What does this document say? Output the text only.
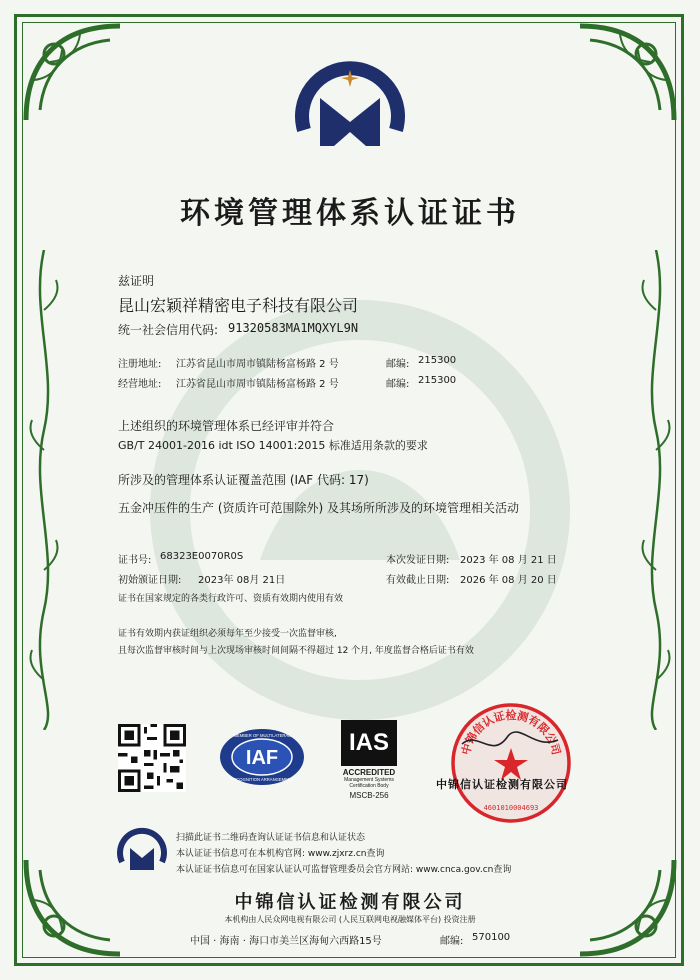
环境管理体系认证证书
兹证明
昆山宏颖祥精密电子科技有限公司
统一社会信用代码: 91320583MA1MQXYL9N
注册地址: 江苏省昆山市周市镇陆杨富杨路 2 号	邮编: 215300
经营地址: 江苏省昆山市周市镇陆杨富杨路 2 号	邮编: 215300
上述组织的环境管理体系已经评审并符合
GB/T 24001-2016 idt ISO 14001:2015 标准适用条款的要求
所涉及的管理体系认证覆盖范围 (IAF 代码: 17)
五金冲压件的生产 (资质许可范围除外) 及其场所所涉及的环境管理相关活动
证书号: 68323E0070R0S	本次发证日期: 2023 年 08 月 21 日
初始颁证日期: 2023年 08月 21日	有效截止日期: 2026 年 08 月 20 日
证书在国家规定的各类行政许可、资质有效期内使用有效
证书有效期内获证组织必须每年至少接受一次监督审核,
且每次监督审核时间与上次现场审核时间间隔不得超过 12 个月, 年度监督合格后证书有效
IAF
MEMBER OF MULTILATERAL
RECOGNITION ARRANGEMENT
IAS
ACCREDITED
Management Systems
Certification Body
MSCB-256
中锦信认证检测有限公司
4601010004693
中锦信认证检测有限公司
扫描此证书二维码查询认证证书信息和认证状态
本认证证书信息可在本机构官网: www.zjxrz.cn查询
本认证证书信息可在国家认证认可监督管理委员会官方网站: www.cnca.gov.cn查询
中锦信认证检测有限公司
本机构由人民众网电视有限公司 (人民互联网电视融媒体平台) 投资注册
中国 · 海南 · 海口市美兰区海甸六西路15号	邮编: 570100
